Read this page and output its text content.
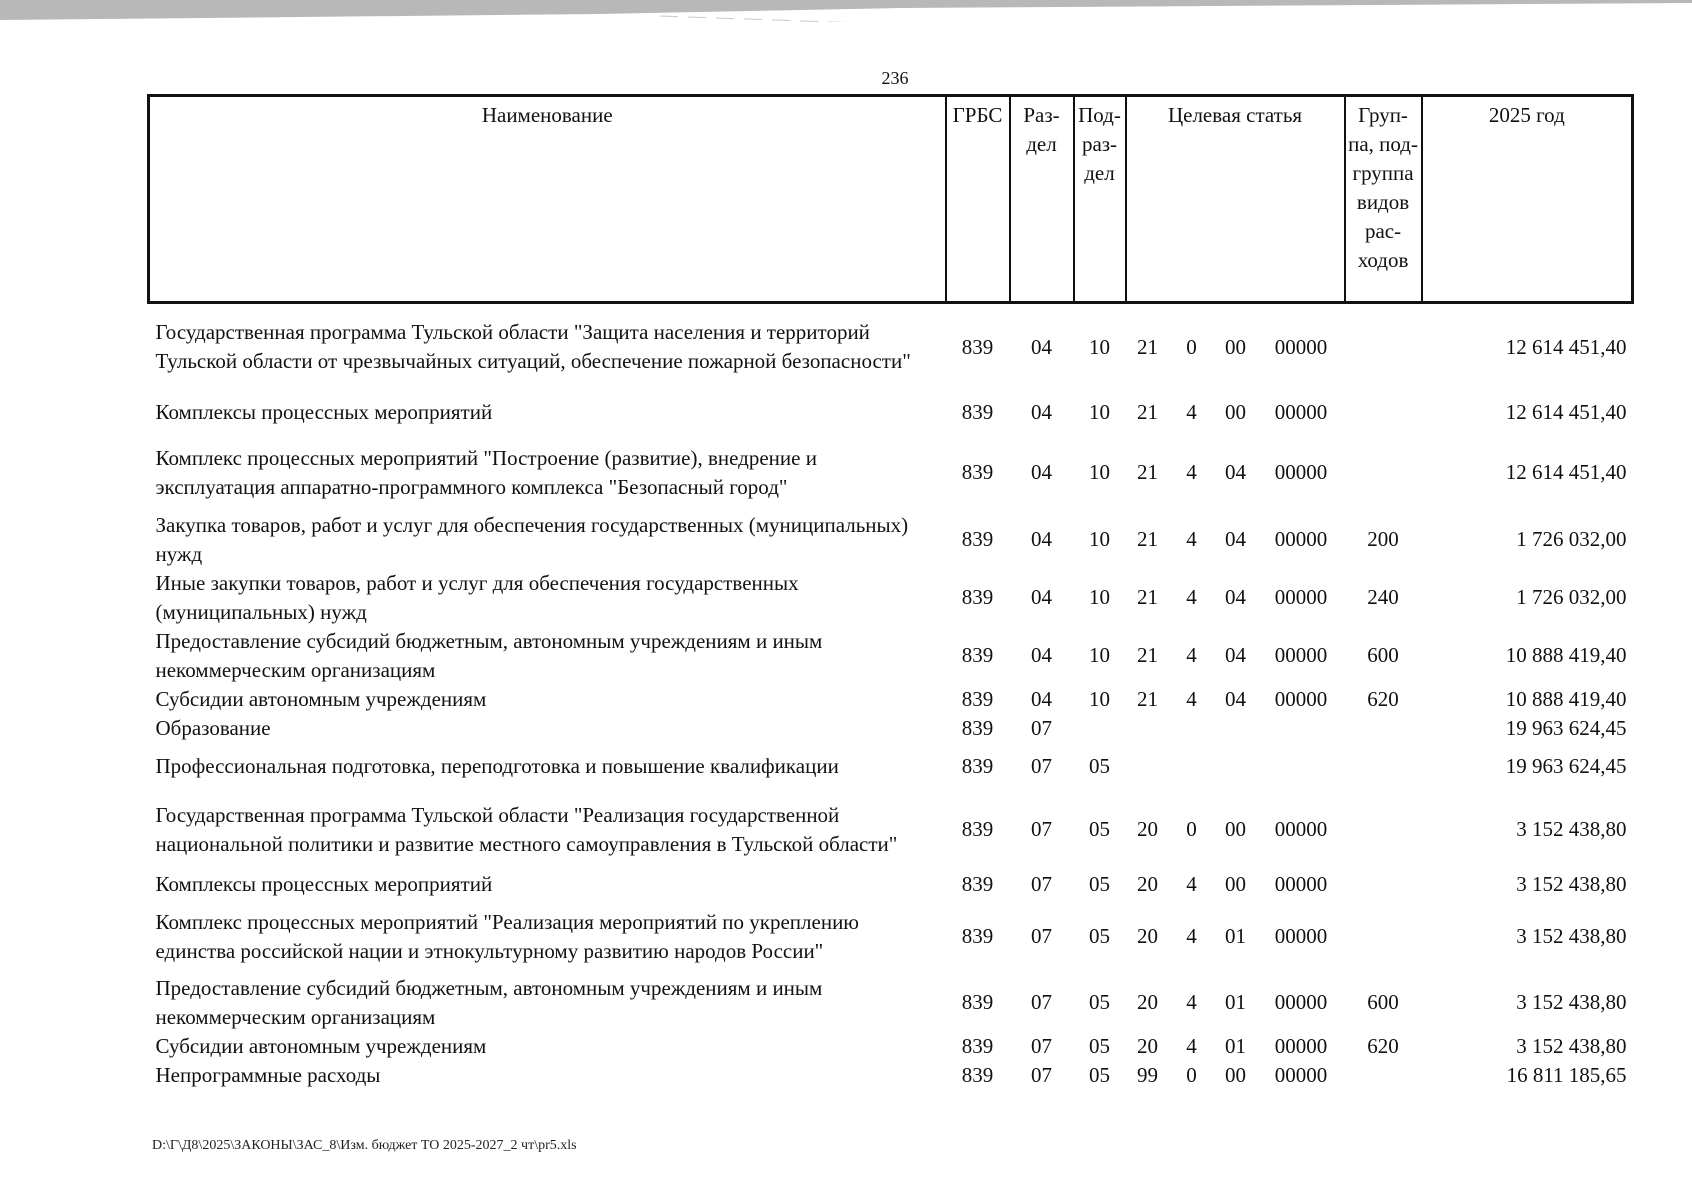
236
Наименование	ГРБС	Раз-дел	Под-раз-дел	Целевая статья				Груп-па, под-группа видов рас-ходов	2025 год
Государственная программа Тульской области "Защита населения и территорий Тульской области от чрезвычайных ситуаций, обеспечение пожарной безопасности"	839	04	10	21	0	00	00000		12 614 451,40
Комплексы процессных мероприятий	839	04	10	21	4	00	00000		12 614 451,40
Комплекс процессных мероприятий "Построение (развитие), внедрение и эксплуатация аппаратно-программного комплекса "Безопасный город"	839	04	10	21	4	04	00000		12 614 451,40
Закупка товаров, работ и услуг для обеспечения государственных (муниципальных) нужд	839	04	10	21	4	04	00000	200	1 726 032,00
Иные закупки товаров, работ и услуг для обеспечения государственных (муниципальных) нужд	839	04	10	21	4	04	00000	240	1 726 032,00
Предоставление субсидий бюджетным, автономным учреждениям и иным некоммерческим организациям	839	04	10	21	4	04	00000	600	10 888 419,40
Субсидии автономным учреждениям	839	04	10	21	4	04	00000	620	10 888 419,40
Образование	839	07							19 963 624,45
Профессиональная подготовка, переподготовка и повышение квалификации	839	07	05						19 963 624,45
Государственная программа Тульской области "Реализация государственной национальной политики и развитие местного самоуправления в Тульской области"	839	07	05	20	0	00	00000		3 152 438,80
Комплексы процессных мероприятий	839	07	05	20	4	00	00000		3 152 438,80
Комплекс процессных мероприятий "Реализация мероприятий по укреплению единства российской нации и этнокультурному развитию народов России"	839	07	05	20	4	01	00000		3 152 438,80
Предоставление субсидий бюджетным, автономным учреждениям и иным некоммерческим организациям	839	07	05	20	4	01	00000	600	3 152 438,80
Субсидии автономным учреждениям	839	07	05	20	4	01	00000	620	3 152 438,80
Непрограммные расходы	839	07	05	99	0	00	00000		16 811 185,65
D:\Г\Д8\2025\ЗАКОНЫ\ЗАС_8\Изм. бюджет ТО 2025-2027_2 чт\pr5.xls
